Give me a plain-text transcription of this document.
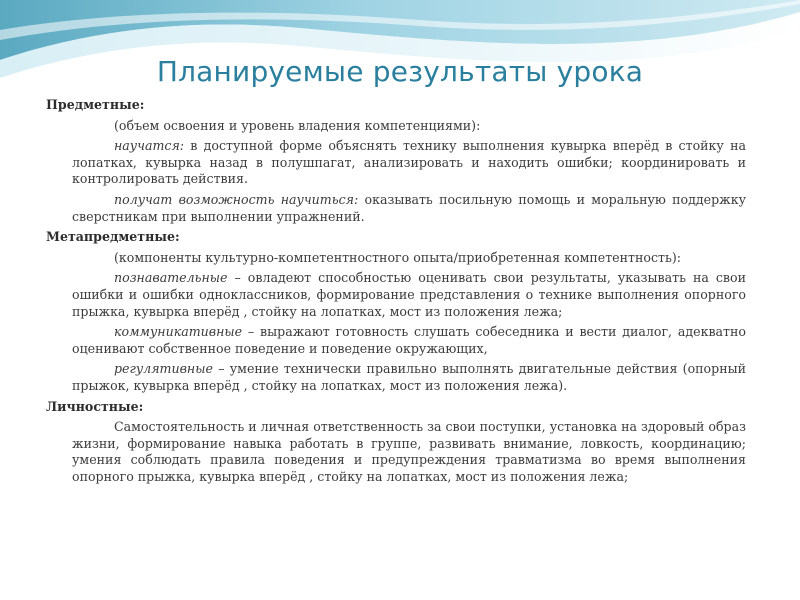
Планируемые результаты урока

Предметные:

(объем освоения и уровень владения компетенциями):

научатся: в доступной форме объяснять технику выполнения кувырка вперёд в стойку на лопатках, кувырка назад в полушпагат, анализировать и находить ошибки; координировать и контролировать действия.

получат возможность научиться: оказывать посильную помощь и моральную поддержку сверстникам при выполнении упражнений.

Метапредметные:

(компоненты культурно-компетентностного опыта/приобретенная компетентность):

познавательные – овладеют способностью оценивать свои результаты, указывать на свои ошибки и ошибки одноклассников, формирование представления о технике выполнения опорного прыжка, кувырка вперёд , стойку на лопатках, мост из положения лежа;

коммуникативные – выражают готовность слушать собеседника и вести диалог, адекватно оценивают собственное поведение и поведение окружающих,

регулятивные – умение технически правильно выполнять двигательные действия (опорный прыжок, кувырка вперёд , стойку на лопатках, мост из положения лежа).

Личностные:

Самостоятельность и личная ответственность за свои поступки, установка на здоровый образ жизни, формирование навыка работать в группе, развивать внимание, ловкость, координацию; умения соблюдать правила поведения и предупреждения травматизма во время выполнения опорного прыжка, кувырка вперёд , стойку на лопатках, мост из положения лежа;
